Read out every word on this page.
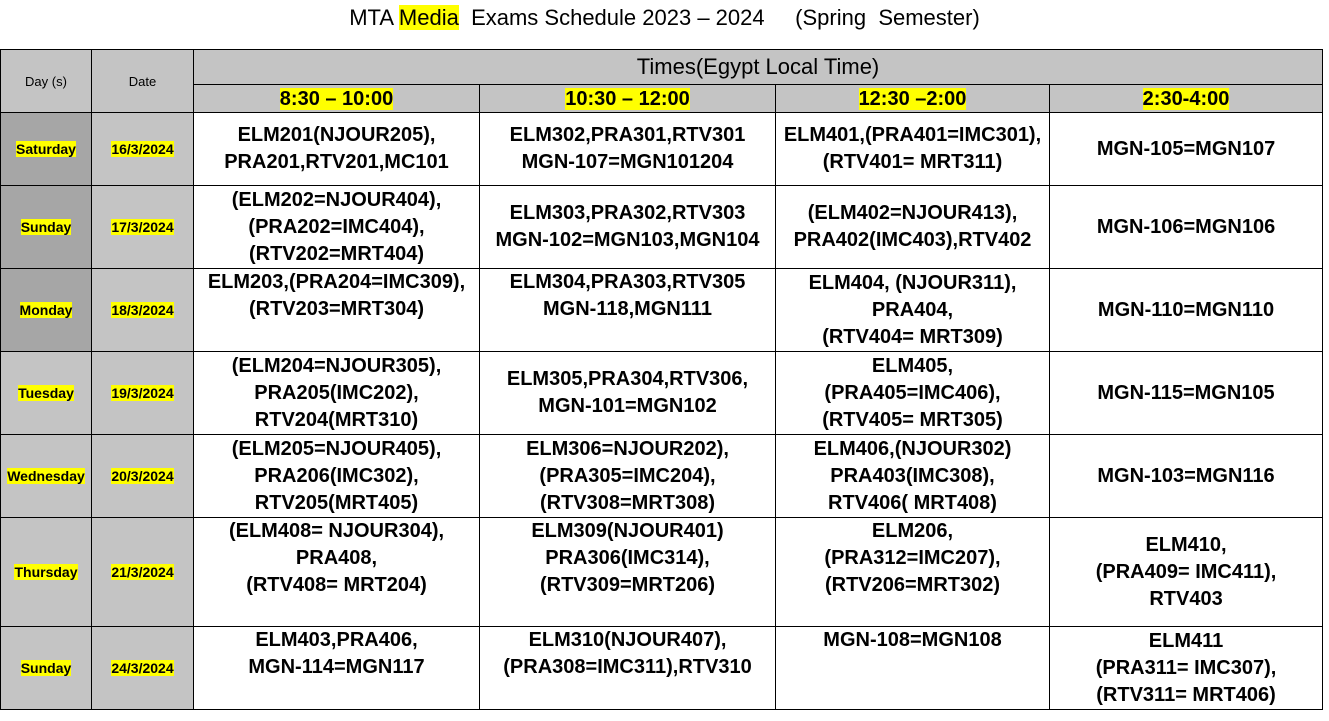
MTA Media  Exams Schedule 2023 – 2024     (Spring  Semester)
Day (s)	Date	Times(Egypt Local Time)			
		8:30 – 10:00	10:30 – 12:00	12:30 –2:00	2:30-4:00
Saturday	16/3/2024	ELM201(NJOUR205),
PRA201,RTV201,MC101	ELM302,PRA301,RTV301
MGN-107=MGN101204	ELM401,(PRA401=IMC301),
(RTV401= MRT311)	MGN-105=MGN107

Sunday	17/3/2024	(ELM202=NJOUR404),
(PRA202=IMC404),
(RTV202=MRT404)	ELM303,PRA302,RTV303
MGN-102=MGN103,MGN104	(ELM402=NJOUR413),
PRA402(IMC403),RTV402	MGN-106=MGN106

Monday	18/3/2024	ELM203,(PRA204=IMC309),
(RTV203=MRT304)	ELM304,PRA303,RTV305
MGN-118,MGN111	ELM404, (NJOUR311),
PRA404,
(RTV404= MRT309)	MGN-110=MGN110

Tuesday	19/3/2024	(ELM204=NJOUR305),
PRA205(IMC202),
RTV204(MRT310)	ELM305,PRA304,RTV306,
MGN-101=MGN102	ELM405,
(PRA405=IMC406),
(RTV405= MRT305)	MGN-115=MGN105

Wednesday	20/3/2024	(ELM205=NJOUR405),
PRA206(IMC302),
RTV205(MRT405)	ELM306=NJOUR202),
(PRA305=IMC204),
(RTV308=MRT308)	ELM406,(NJOUR302)
PRA403(IMC308),
RTV406( MRT408)	MGN-103=MGN116

Thursday	21/3/2024	(ELM408= NJOUR304),
PRA408,
(RTV408= MRT204)	ELM309(NJOUR401)
PRA306(IMC314),
(RTV309=MRT206)	ELM206,
(PRA312=IMC207),
(RTV206=MRT302)	ELM410,
(PRA409= IMC411),
RTV403

Sunday	24/3/2024	ELM403,PRA406,
MGN-114=MGN117	ELM310(NJOUR407),
(PRA308=IMC311),RTV310	MGN-108=MGN108	ELM411
(PRA311= IMC307),
(RTV311= MRT406)
